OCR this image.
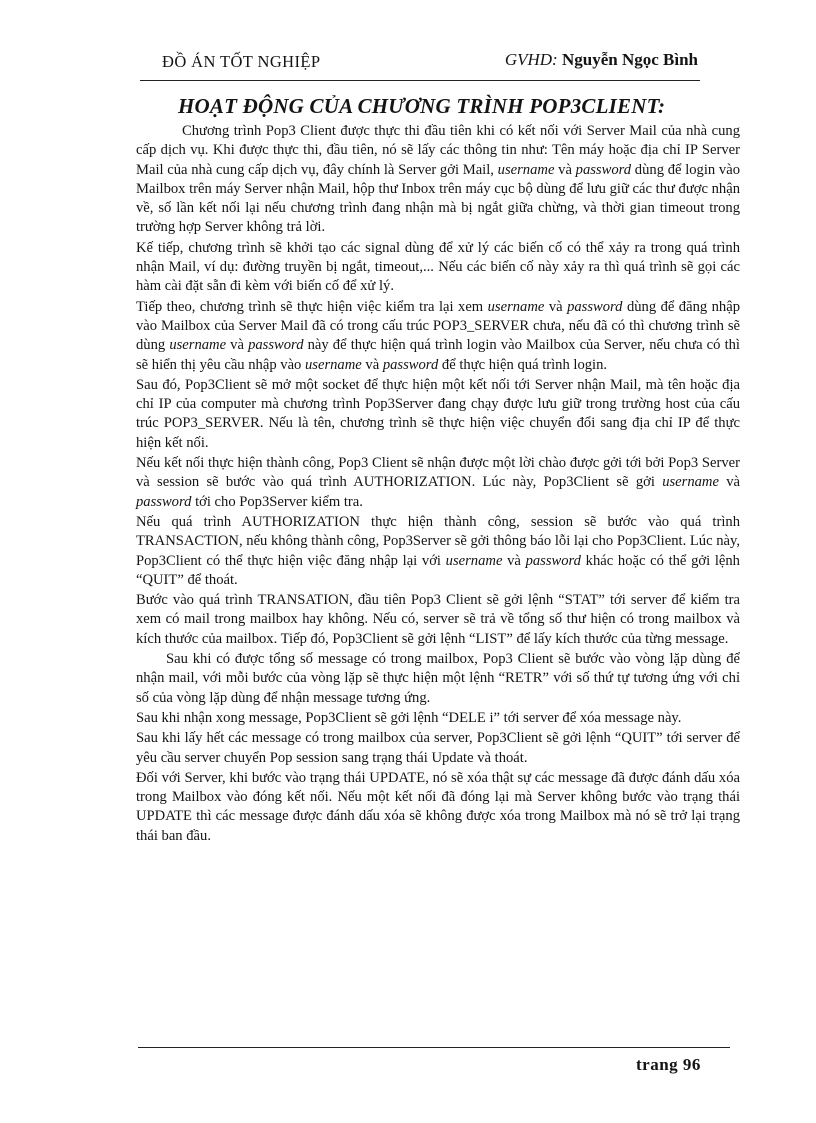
ĐỒ ÁN TỐT NGHIỆP	GVHD: Nguyễn Ngọc Bình
HOẠT ĐỘNG CỦA CHƯƠNG TRÌNH POP3CLIENT:

Chương trình Pop3 Client được thực thi đầu tiên khi có kết nối với Server Mail của nhà cung cấp dịch vụ. Khi được thực thi, đầu tiên, nó sẽ lấy các thông tin như: Tên máy hoặc địa chỉ IP Server Mail của nhà cung cấp dịch vụ, đây chính là Server gởi Mail, username và password dùng để login vào Mailbox trên máy Server nhận Mail, hộp thư Inbox trên máy cục bộ dùng để lưu giữ các thư được nhận về, số lần kết nối lại nếu chương trình đang nhận mà bị ngắt giữa chừng, và thời gian timeout trong trường hợp Server không trả lời.

Kế tiếp, chương trình sẽ khởi tạo các signal dùng để xử lý các biến cố có thể xảy ra trong quá trình nhận Mail, ví dụ: đường truyền bị ngắt, timeout,... Nếu các biến cố này xảy ra thì quá trình sẽ gọi các hàm cài đặt sẵn đi kèm với biến cố để xử lý.

Tiếp theo, chương trình sẽ thực hiện việc kiểm tra lại xem username và password dùng để đăng nhập vào Mailbox của Server Mail đã có trong cấu trúc POP3_SERVER chưa, nếu đã có thì chương trình sẽ dùng username và password này để thực hiện quá trình login vào Mailbox của Server, nếu chưa có thì sẽ hiển thị yêu cầu nhập vào username và password để thực hiện quá trình login.

Sau đó, Pop3Client sẽ mở một socket để thực hiện một kết nối tới Server nhận Mail, mà tên hoặc địa chỉ IP của computer mà chương trình Pop3Server đang chạy được lưu giữ trong trường host của cấu trúc POP3_SERVER. Nếu là tên, chương trình sẽ thực hiện việc chuyển đổi sang địa chỉ IP để thực hiện kết nối.

Nếu kết nối thực hiện thành công, Pop3 Client sẽ nhận được một lời chào được gởi tới bởi Pop3 Server và session sẽ bước vào quá trình AUTHORIZATION. Lúc này, Pop3Client sẽ gởi username và password tới cho Pop3Server kiểm tra.

Nếu quá trình AUTHORIZATION thực hiện thành công, session sẽ bước vào quá trình TRANSACTION, nếu không thành công, Pop3Server sẽ gởi thông báo lỗi lại cho Pop3Client. Lúc này, Pop3Client có thể thực hiện việc đăng nhập lại với username và password khác hoặc có thể gởi lệnh “QUIT” để thoát.

Bước vào quá trình TRANSATION, đầu tiên Pop3 Client sẽ gởi lệnh “STAT” tới server để kiểm tra xem có mail trong mailbox hay không. Nếu có, server sẽ trả về tổng số thư hiện có trong mailbox và kích thước của mailbox. Tiếp đó, Pop3Client sẽ gởi lệnh “LIST” để lấy kích thước của từng message.

Sau khi có được tổng số message có trong mailbox, Pop3 Client sẽ bước vào vòng lặp dùng để nhận mail, với mỗi bước của vòng lặp sẽ thực hiện một lệnh “RETR” với số thứ tự tương ứng với chỉ số của vòng lặp dùng để nhận message tương ứng.

Sau khi nhận xong message, Pop3Client sẽ gởi lệnh “DELE i” tới server để xóa message này.

Sau khi lấy hết các message có trong mailbox của server, Pop3Client sẽ gởi lệnh “QUIT” tới server để yêu cầu server chuyển Pop session sang trạng thái Update và thoát.

Đối với Server, khi bước vào trạng thái UPDATE, nó sẽ xóa thật sự các message đã được đánh dấu xóa trong Mailbox vào đóng kết nối. Nếu một kết nối đã đóng lại mà Server không bước vào trạng thái UPDATE thì các message được đánh dấu xóa sẽ không được xóa trong Mailbox mà nó sẽ trở lại trạng thái ban đầu.

trang 96
